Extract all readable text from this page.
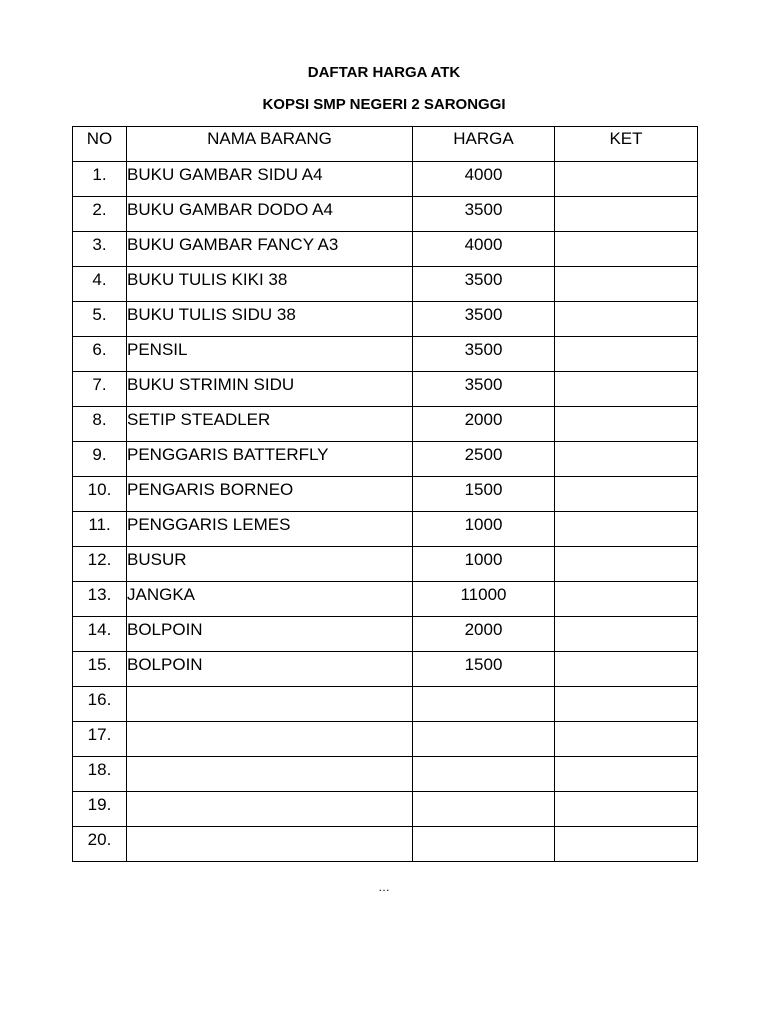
DAFTAR HARGA ATK
KOPSI SMP NEGERI 2 SARONGGI
NO	NAMA BARANG	HARGA	KET
1.	BUKU GAMBAR SIDU A4	4000	
2.	BUKU GAMBAR DODO A4	3500	
3.	BUKU GAMBAR FANCY A3	4000	
4.	BUKU TULIS KIKI 38	3500	
5.	BUKU TULIS SIDU 38	3500	
6.	PENSIL	3500	
7.	BUKU STRIMIN SIDU	3500	
8.	SETIP STEADLER	2000	
9.	PENGGARIS BATTERFLY	2500	
10.	PENGARIS BORNEO	1500	
11.	PENGGARIS LEMES	1000	
12.	BUSUR	1000	
13.	JANGKA	11000	
14.	BOLPOIN	2000	
15.	BOLPOIN	1500	
16.			
17.			
18.			
19.			
20.			
…
